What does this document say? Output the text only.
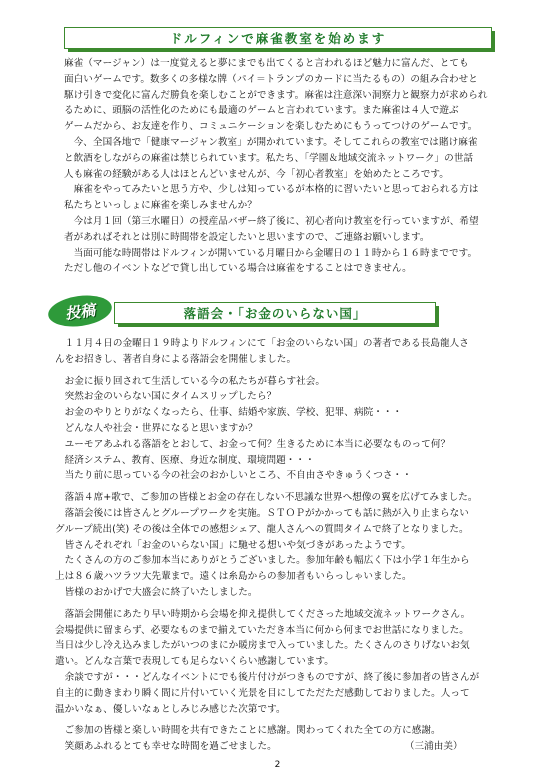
ドルフィンで麻雀教室を始めます

麻雀（マージャン）は一度覚えると夢にまでも出てくると言われるほど魅力に富んだ、とても

面白いゲームです。数多くの多様な牌（パイ＝トランプのカードに当たるもの）の組み合わせと

駆け引きで変化に富んだ勝負を楽しむことができます。麻雀は注意深い洞察力と観察力が求められ

るために、頭脳の活性化のためにも最適のゲームと言われています。また麻雀は４人で遊ぶ

ゲームだから、お友達を作り、コミュニケーションを楽しむためにもうってつけのゲームです。

　今、全国各地で「健康マージャン教室」が開かれています。そしてこれらの教室では賭け麻雀

と飲酒をしながらの麻雀は禁じられています。私たち、「学園＆地域交流ネットワーク」の世話

人も麻雀の経験がある人はほとんどいませんが、今「初心者教室」を始めたところです。

　麻雀をやってみたいと思う方や、少しは知っているが本格的に習いたいと思っておられる方は

私たちといっしょに麻雀を楽しみませんか？

　今は月１回（第三水曜日）の授産品バザー終了後に、初心者向け教室を行っていますが、希望

者があればそれとは別に時間帯を設定したいと思いますので、ご連絡お願いします。

　当面可能な時間帯はドルフィンが開いている月曜日から金曜日の１１時から１６時までです。

ただし他のイベントなどで貸し出している場合は麻雀をすることはできません。

投稿	落語会・「お金のいらない国」

　１１月４日の金曜日１９時よりドルフィンにて「お金のいらない国」の著者である長島龍人さ

んをお招きし、著者自身による落語会を開催しました。

　お金に振り回されて生活している今の私たちが暮らす社会。

　突然お金のいらない国にタイムスリップしたら？

　お金のやりとりがなくなったら、仕事、結婚や家族、学校、犯罪、病院・・・

　どんな人や社会・世界になると思いますか？

　ユーモアあふれる落語をとおして、お金って何？生きるために本当に必要なものって何？

　経済システム、教育、医療、身近な制度、環境問題・・・

　当たり前に思っている今の社会のおかしいところ、不自由さやきゅうくつさ・・

　落語４席+歌で、ご参加の皆様とお金の存在しない不思議な世界へ想像の翼を広げてみました。

　落語会後には皆さんとグループワークを実施。ＳＴＯＰがかかっても話に熱が入り止まらない

グループ続出(笑) その後は全体での感想シェア、龍人さんへの質問タイムで終了となりました。

　皆さんそれぞれ「お金のいらない国」に馳せる想いや気づきがあったようです。

　たくさんの方のご参加本当にありがとうございました。参加年齢も幅広く下は小学１年生から

上は８６歳ハツラツ大先輩まで。遠くは糸島からの参加者もいらっしゃいました。

　皆様のおかげで大盛会に終了いたしました。

　落語会開催にあたり早い時期から会場を抑え提供してくださった地域交流ネットワークさん。

会場提供に留まらず、必要なものまで揃えていただき本当に何から何までお世話になりました。

当日は少し冷え込みましたがいつのまにか暖房まで入っていました。たくさんのさりげないお気

遣い。どんな言葉で表現しても足らないくらい感謝しています。

　余談ですが・・・どんなイベントにでも後片付けがつきものですが、終了後に参加者の皆さんが

自主的に動きまわり瞬く間に片付いていく光景を目にしてただただ感動しておりました。人って

温かいなぁ、優しいなぁとしみじみ感じた次第です。

　ご参加の皆様と楽しい時間を共有できたことに感謝。関わってくれた全ての方に感謝。

　笑顔あふれるとても幸せな時間を過ごせました。	（三浦由美）

2
